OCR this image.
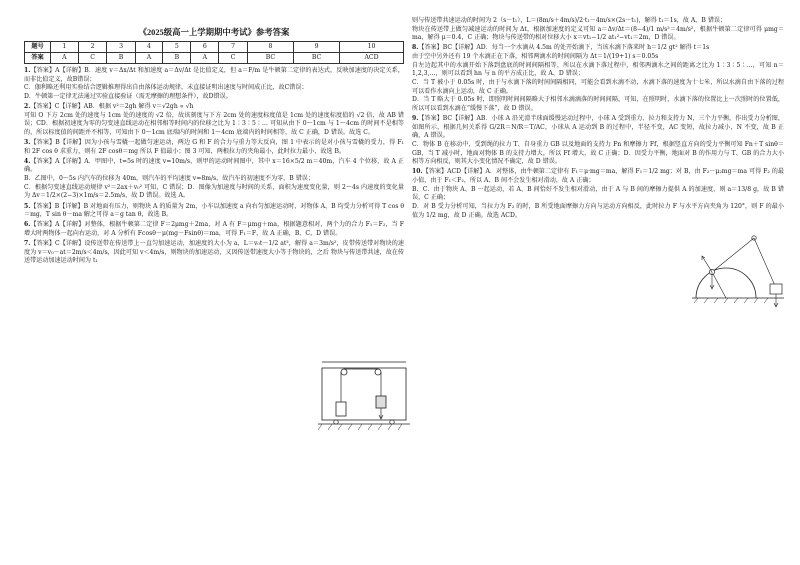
《2025级高一上学期期中考试》参考答案
题号	1	2	3	4	5	6	7	8	9	10
答案	A	C	B	A	B	A	C	BC	BC	ACD
1.【答案】A【详解】B．速度 v＝Δx/Δt 和加速度 a＝Δv/Δt 是比值定义，但 a＝F/m 是牛顿第二定律的表达式，反映加速度的决定关系，而非比值定义，故B错误；
C．伽利略还利用实验结合逻辑推理得出自由落体运动规律，未直接证明出速度与时间成正比，故C错误；
D．牛顿第一定律无法通过实验直接验证（需无摩擦的理想条件），故D错误。
2.【答案】C【详解】AB．根据 v²＝2gh 解得 v＝√2gh ∝ √h
可知 O 下方 2cm 处的速度与 1cm 处的速度的 √2 倍，故该刻度与下方 2cm 处的速度标度值是 1cm 处的速度标度值的 √2 倍，故 AB 错误；CD．根据初速度为零的匀变速直线运动在相邻相等时间内的位移之比为 1∶3∶5∶… 可知从由下 0～1cm 与 1～4cm 的时间不是相等的，所以标度值的间距并不相等，可知由下 0～1cm 底端内的时间和 1～4cm 底端内的时间相等，故 C 正确，D 错误。故选 C。
3.【答案】B【详解】因为小孩与雪橇一起做匀速运动，两边 G 和 F 的合力与重力等大反向，图 1 中表示的是对小孩与雪橇的受力，得 F₁ 和 2F cos θ 求重力，则有 2F cosθ＝mg 所以 F 值最小；图 3 可知，两根拉力的夹角最小，此时拉力最小，故选 B。
4.【答案】A【详解】A．甲图中，t=5s 时的速度 v=10m/s，则甲的运动时间图中，其中 x＝16×5/2 m＝40m，汽车 4 个位移，故 A 正确。
B．乙图中，0～5s 内汽车的位移为 40m，则汽车的平均速度 v=8m/s，故汽车的初速度不为零，B 错误；
C．根据匀变速直线运动规律 v²＝2ax＋v₀² 可知，C 错误；D．图像为加速度与时间的关系，面积为速度变化量，则 2～4s 内速度的变化量为 Δv＝1/2×(2−3)×1m/s＝2.5m/s，故 D 错误。故选 A。
5.【答案】B【详解】B 对地面有压力，则物块 A 的质量为 2m，小车以加速度 a 向右匀加速运动时，对物体 A、B 均受力分析可得 T cos θ＝mg，T sin θ－ma 解之可得 a＝g tan θ，故选 B。
6.【答案】A【详解】对整体，根据牛顿第二定律 F＝2μmg＋2ma，对 A 有 F＝μmg＋ma，根据题意相对，两个力的合力 F₁＝F₂，当 F 增大时两物体一起向右运动，对 A 分析有 Fcosθ－μ(mg－Fsinθ)＝ma，可得 F₁＝F，故 A 正确，B、C、D 错误。
7.【答案】C【详解】设传送带在传送带上一直匀加速运动，加速度的大小为 a，L＝v₀t－1/2 at²，解得 a＝3m/s²，皮带传送带对物块的速度为 v＝v₀－at＝2m/s＜4m/s，因此可知 v＜4m/s，则物块的加速运动，又因传送带速度大小等于物块的，之后 物块与传送带共速，故在传送带运动加速运动时间为 t₁
则与传送带共速运动的时间为 2（s－t₁），L＝(8m/s＋4m/s)/2·t₁－4m/s×(2s－t₁)，解得 t₁＝1s，故 A、B 错误；
物块在传送带上做匀减速运动的时间为 Δt，根据加速度的定义可知 a＝Δv/Δt＝(8−4)/1 m/s²＝4m/s²，根据牛顿第二定律可得 μmg＝ma，解得 μ＝0.4，C 正确；物块与传送带的相对位移大小 x＝vt₁−1/2 at₁²−vt₁＝2m，D 错误。
8.【答案】BC【详解】AD．每当一个水滴从 4.5m 的处开始滴下，当该水滴下落来时 h＝1/2 gt² 解得 t＝1s
由于空中另外还有 19 个水滴正在下落，相邻两滴水的时间间隔为 Δt＝1/(19+1) s＝0.05s
自左边起其中的水滴开始下落到盘底的时间间隔相等，所以在水滴下落过程中，相邻两滴水之间的距离之比为 1∶3∶5∶…，可知 n＝1,2,3,…，则可以看到 hn 与 n 的平方成正比，故 A、D 错误；
C．当 T 被小于 0.05s 时，由于与水滴下落的时间间隔相同，可能会看到水滴不动，水滴下落的速度为十七米，所以水滴自由下落的过程可以看作水滴向上运动，故 C 正确。
D．当 T 略大于 0.05s 时，即照明时间间隔略大于相邻水滴滴落的时间间隔，可知，在照明时，水滴下落的位置比上一次照时的位置低，所以可以看到水滴在“缓慢下落”，故 D 错误。
9.【答案】BC【详解】AB．小球 A 沿光滑半球面缓慢运动过程中，小球 A 受到重力、拉力和支持力 N，三个力平衡，作出受力分析图，如图所示，根据几何关系得 G/2R＝N/R＝T/AC，小球从 A 运动到 B 的过程中，半径不变，AC 变短，故拉力减小，N 不变，故 B 正确，A 错误。
C．物体 B 在移动中，受到绳的拉力 T、自身重力 GB 以及地面的支持力 Fn 和摩擦力 Ff，根据竖直方向的受力平衡可知 Fn＋T sinθ＝GB，当 T 减小时，地面对物体 B 的支持力增大，所以 Ff 增大，故 C 正确；D．因受力平衡，地面对 B 的作用力与 T、GB 的合力大小相等方向相反，则其大小变化情况不确定，故 D 错误。
10.【答案】ACD【详解】A．对整体，由牛顿第二定律有 F₁＝μ·mg＝ma，解得 F₁＝1/2 mg；对 B，由 F₂－μ₂mg＝ma 可得 F₂ 的最小值，由于 F₁＜F₂，所以 A、B 间不会发生相对滑动，故 A 正确；
B、C．由于物块 A、B 一起运动，若 A、B 间恰好不发生相对滑动，由于 A 与 B 间的摩擦力提供 A 的加速度，则 a＝13/8 g，故 B 错误，C 正确；
D．对 B 受力分析可知，当拉力为 F₂ 的时，B 所受地面摩擦力方向与运动方向相反，此时拉力 F 与水平方向夹角为 120°，则 F 的最小值为 1/2 mg，故 D 正确。故选 ACD。
